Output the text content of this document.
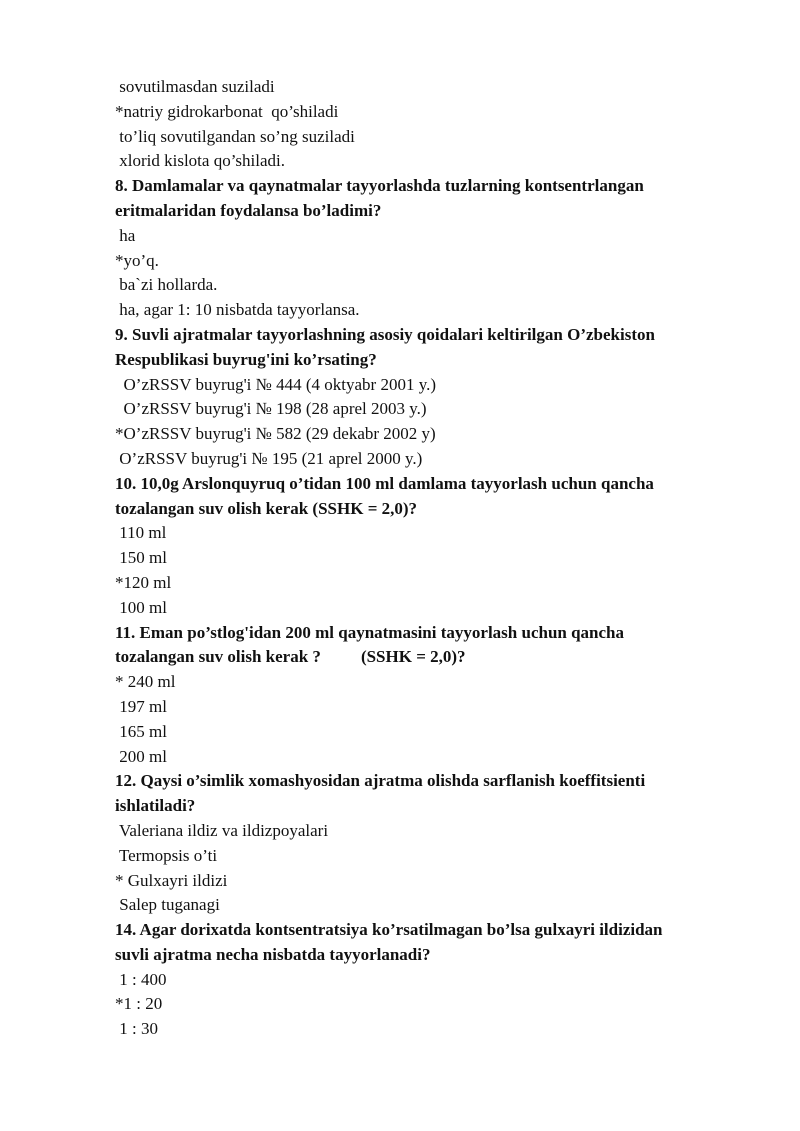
sovutilmasdan suziladi
*natriy gidrokarbonat  qo’shiladi
to’liq sovutilgandan so’ng suziladi
xlorid kislota qo’shiladi.
8. Damlamalar va qaynatmalar tayyorlashda tuzlarning kontsentrlangan
eritmalaridan foydalansa bo’ladimi?
ha
*yo’q.
ba`zi hollarda.
ha, agar 1: 10 nisbatda tayyorlansa.
9. Suvli ajratmalar tayyorlashning asosiy qoidalari keltirilgan O’zbekiston
Respublikasi buyrug'ini ko’rsating?
O’zRSSV buyrug'i № 444 (4 oktyabr 2001 y.)
O’zRSSV buyrug'i № 198 (28 aprel 2003 y.)
*O’zRSSV buyrug'i № 582 (29 dekabr 2002 y)
O’zRSSV buyrug'i № 195 (21 aprel 2000 y.)
10. 10,0g Arslonquyruq o’tidan 100 ml damlama tayyorlash uchun qancha
tozalangan suv olish kerak (SSHK = 2,0)?
110 ml
150 ml
*120 ml
100 ml
11. Eman po’stlog'idan 200 ml qaynatmasini tayyorlash uchun qancha
tozalangan suv olish kerak ? (SSHK = 2,0)?
* 240 ml
197 ml
165 ml
200 ml
12. Qaysi o’simlik xomashyosidan ajratma olishda sarflanish koeffitsienti
ishlatiladi?
Valeriana ildiz va ildizpoyalari
Termopsis o’ti
* Gulxayri ildizi
Salep tuganagi
14. Agar dorixatda kontsentratsiya ko’rsatilmagan bo’lsa gulxayri ildizidan
suvli ajratma necha nisbatda tayyorlanadi?
1 : 400
*1 : 20
1 : 30
